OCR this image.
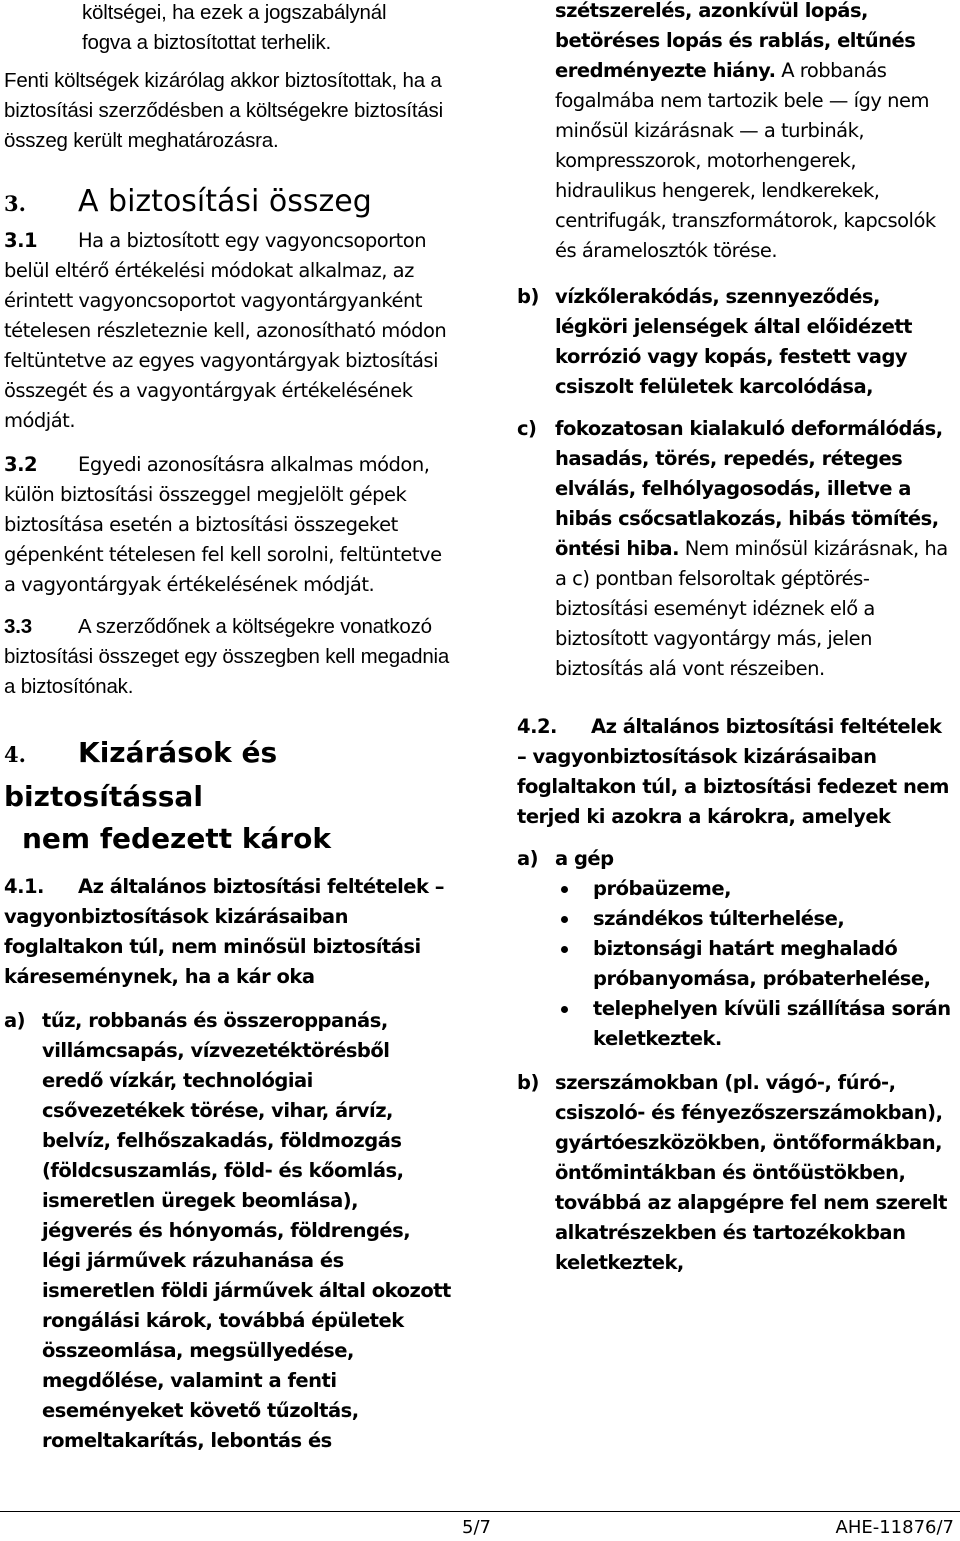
költségei, ha ezek a jogszabálynál
fogva a biztosítottat terhelik.

Fenti költségek kizárólag akkor biztosítottak, ha a biztosítási szerződésben a költségekre biztosítási összeg került meghatározásra.

3. A biztosítási összeg

3.1 Ha a biztosított egy vagyoncsoporton belül eltérő értékelési módokat alkalmaz, az érintett vagyoncsoportot vagyontárgyanként tételesen részleteznie kell, azonosítható módon feltüntetve az egyes vagyontárgyak biztosítási összegét és a vagyontárgyak értékelésének módját.

3.2 Egyedi azonosításra alkalmas módon, külön biztosítási összeggel megjelölt gépek biztosítása esetén a biztosítási összegeket gépenként tételesen fel kell sorolni, feltüntetve a vagyontárgyak értékelésének módját.

3.3 A szerződőnek a költségekre vonatkozó biztosítási összeget egy összegben kell megadnia a biztosítónak.

4. Kizárások és biztosítással
nem fedezett károk

4.1. Az általános biztosítási feltételek – vagyonbiztosítások kizárásaiban foglaltakon túl, nem minősül biztosítási káreseménynek, ha a kár oka

a) tűz, robbanás és összeroppanás, villámcsapás, vízvezetéktörésből eredő vízkár, technológiai csővezetékek törése, vihar, árvíz, belvíz, felhőszakadás, földmozgás (földcsuszamlás, föld- és kőomlás, ismeretlen üregek beomlása), jégverés és hónyomás, földrengés, légi járművek rázuhanása és ismeretlen földi járművek által okozott rongálási károk, továbbá épületek összeomlása, megsüllyedése, megdőlése, valamint a fenti eseményeket követő tűzoltás, romeltakarítás, lebontás és
szétszerelés, azonkívül lopás, betöréses lopás és rablás, eltűnés eredményezte hiány. A robbanás fogalmába nem tartozik bele — így nem minősül kizárásnak — a turbinák, kompresszorok, motorhengerek, hidraulikus hengerek, lendkerekek, centrifugák, transzformátorok, kapcsolók és áramelosztók törése.
b) vízkőlerakódás, szennyeződés, légköri jelenségek által előidézett korrózió vagy kopás, festett vagy csiszolt felületek karcolódása,
c) fokozatosan kialakuló deformálódás, hasadás, törés, repedés, réteges elválás, felhólyagosodás, illetve a hibás csőcsatlakozás, hibás tömítés, öntési hiba. Nem minősül kizárásnak, ha a c) pontban felsoroltak géptörés-biztosítási eseményt idéznek elő a biztosított vagyontárgy más, jelen biztosítás alá vont részeiben.

4.2. Az általános biztosítási feltételek – vagyonbiztosítások kizárásaiban foglaltakon túl, a biztosítási fedezet nem terjed ki azokra a károkra, amelyek

a) a gép
próbaüzeme,
szándékos túlterhelése,
biztonsági határt meghaladó próbanyomása, próbaterhelése,
telephelyen kívüli szállítása során keletkeztek.
b) szerszámokban (pl. vágó-, fúró-, csiszoló- és fényezőszerszámokban), gyártóeszközökben, öntőformákban, öntőmintákban és öntőüstökben, továbbá az alapgépre fel nem szerelt alkatrészekben és tartozékokban keletkeztek,
5/7	AHE-11876/7
